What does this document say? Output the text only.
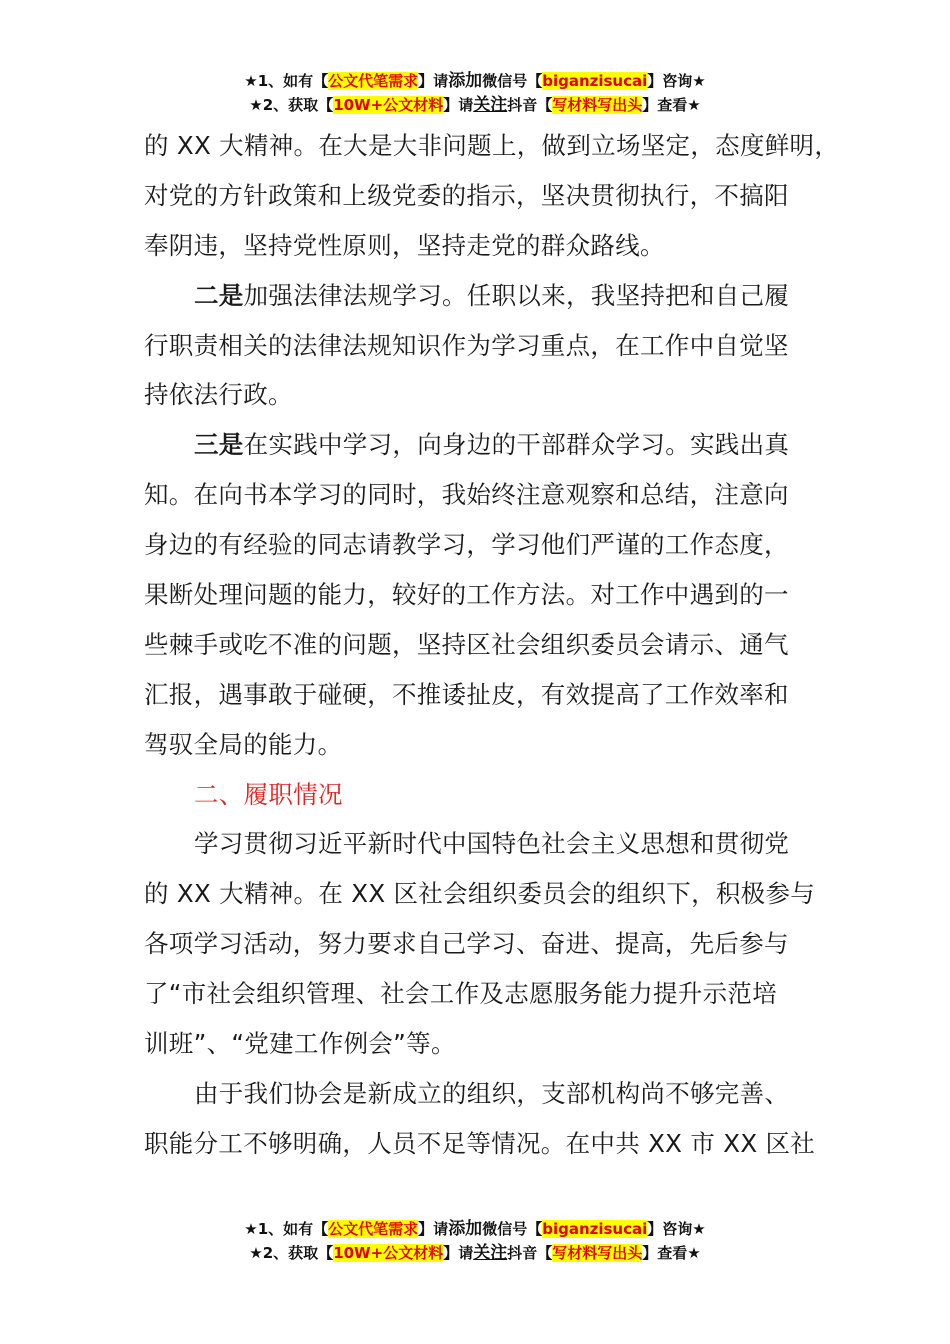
★1、如有【公文代笔需求】请添加微信号【biganzisucai】咨询★
★2、获取【10W+公文材料】请关注抖音【写材料写出头】查看★
的 XX 大精神。在大是大非问题上，做到立场坚定，态度鲜明，
对党的方针政策和上级党委的指示，坚决贯彻执行，不搞阳
奉阴违，坚持党性原则，坚持走党的群众路线。
二是加强法律法规学习。任职以来，我坚持把和自己履
行职责相关的法律法规知识作为学习重点，在工作中自觉坚
持依法行政。
三是在实践中学习，向身边的干部群众学习。实践出真
知。在向书本学习的同时，我始终注意观察和总结，注意向
身边的有经验的同志请教学习，学习他们严谨的工作态度，
果断处理问题的能力，较好的工作方法。对工作中遇到的一
些棘手或吃不准的问题，坚持区社会组织委员会请示、通气
汇报，遇事敢于碰硬，不推诿扯皮，有效提高了工作效率和
驾驭全局的能力。
二、履职情况
学习贯彻习近平新时代中国特色社会主义思想和贯彻党
的 XX 大精神。在 XX 区社会组织委员会的组织下，积极参与
各项学习活动，努力要求自己学习、奋进、提高，先后参与
了“市社会组织管理、社会工作及志愿服务能力提升示范培
训班”、“党建工作例会”等。
由于我们协会是新成立的组织，支部机构尚不够完善、
职能分工不够明确，人员不足等情况。在中共 XX 市 XX 区社
★1、如有【公文代笔需求】请添加微信号【biganzisucai】咨询★
★2、获取【10W+公文材料】请关注抖音【写材料写出头】查看★
